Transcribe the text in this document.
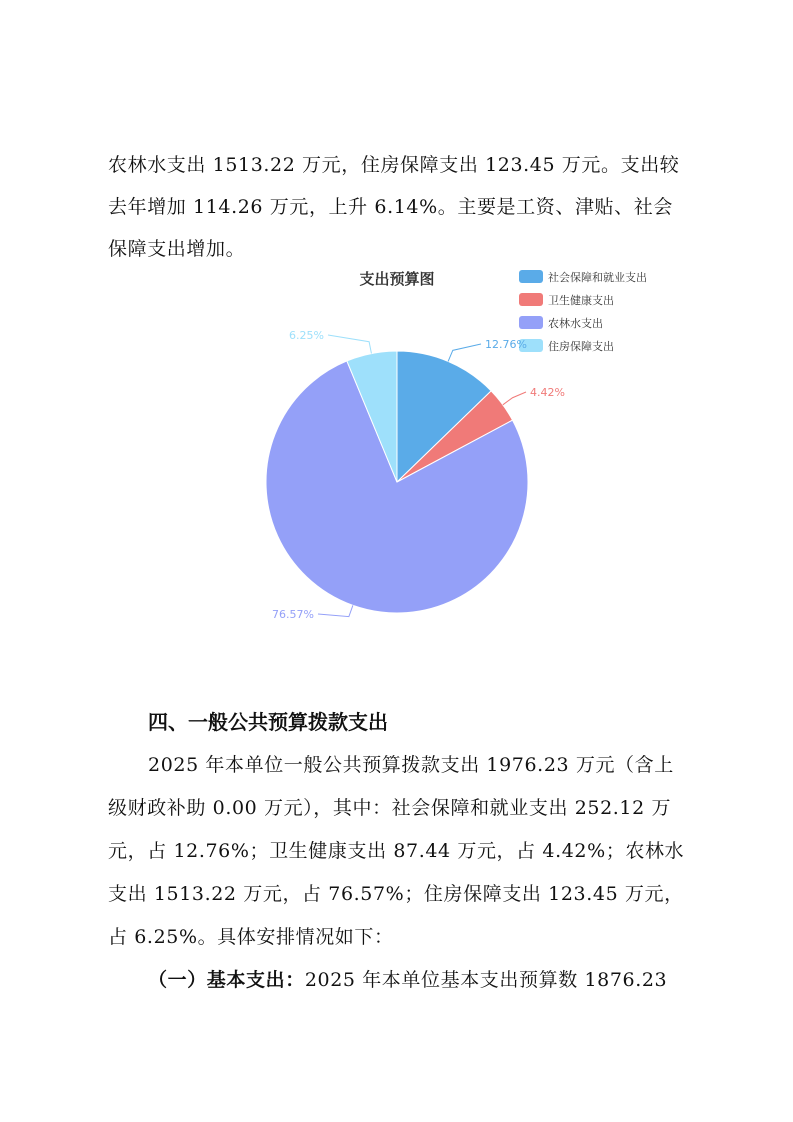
农林水支出 1513.22 万元，住房保障支出 123.45 万元。支出较
去年增加 114.26 万元，上升 6.14%。主要是工资、津贴、社会
保障支出增加。
支出预算图	社会保障和就业支出
卫生健康支出
农林水支出
住房保障支出
12.76%
4.42%
76.57%
6.25%
四、一般公共预算拨款支出
2025 年本单位一般公共预算拨款支出 1976.23 万元（含上
级财政补助 0.00 万元），其中：社会保障和就业支出 252.12 万
元，占 12.76%；卫生健康支出 87.44 万元，占 4.42%；农林水
支出 1513.22 万元，占 76.57%；住房保障支出 123.45 万元，
占 6.25%。具体安排情况如下：
（一）基本支出：2025 年本单位基本支出预算数 1876.23
